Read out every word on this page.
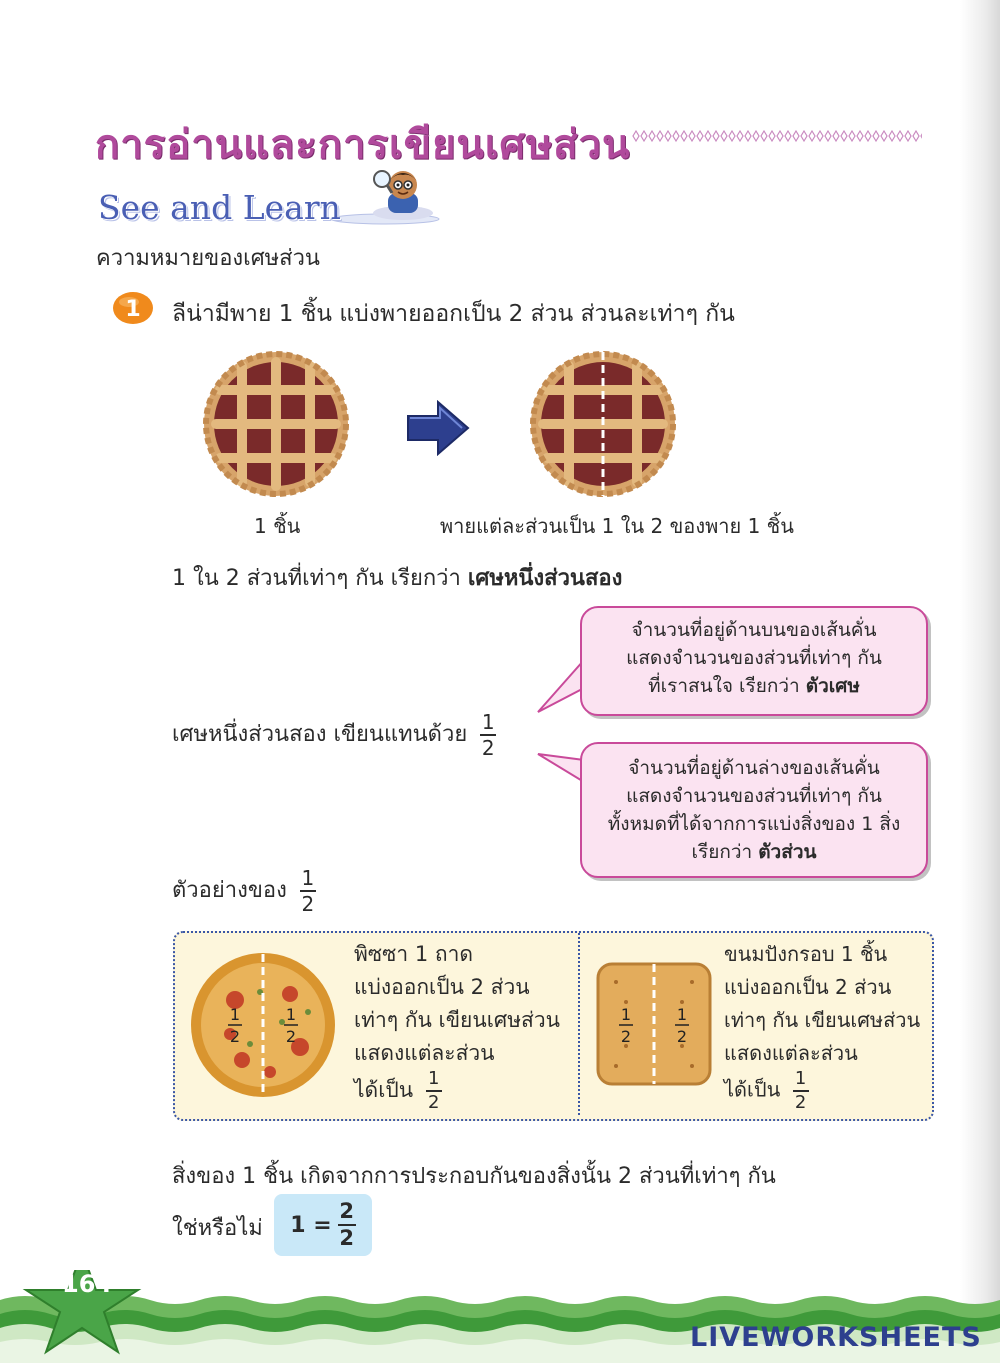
การอ่านและการเขียนเศษส่วน
See and Learn
ความหมายของเศษส่วน
1 ลีน่ามีพาย 1 ชิ้น แบ่งพายออกเป็น 2 ส่วน ส่วนละเท่าๆ กัน
1 ชิ้น	พายแต่ละส่วนเป็น 1 ใน 2 ของพาย 1 ชิ้น
1 ใน 2 ส่วนที่เท่าๆ กัน เรียกว่า เศษหนึ่งส่วนสอง
จำนวนที่อยู่ด้านบนของเส้นคั่น
แสดงจำนวนของส่วนที่เท่าๆ กัน
ที่เราสนใจ เรียกว่า ตัวเศษ
จำนวนที่อยู่ด้านล่างของเส้นคั่น
แสดงจำนวนของส่วนที่เท่าๆ กัน
ทั้งหมดที่ได้จากการแบ่งสิ่งของ 1 สิ่ง
เรียกว่า ตัวส่วน
เศษหนึ่งส่วนสอง เขียนแทนด้วย $\frac{1}{2}$
ตัวอย่างของ $\frac{1}{2}$
1
2
1
2
พิซซา 1 ถาด
แบ่งออกเป็น 2 ส่วน
เท่าๆ กัน เขียนเศษส่วน
แสดงแต่ละส่วน
ได้เป็น $\frac{1}{2}$
1
2
1
2
ขนมปังกรอบ 1 ชิ้น
แบ่งออกเป็น 2 ส่วน
เท่าๆ กัน เขียนเศษส่วน
แสดงแต่ละส่วน
ได้เป็น $\frac{1}{2}$
สิ่งของ 1 ชิ้น เกิดจากการประกอบกันของสิ่งนั้น 2 ส่วนที่เท่าๆ กัน
ใช่หรือไม่ $1 = \frac{2}{2}$
164
LIVEWORKSHEETS
